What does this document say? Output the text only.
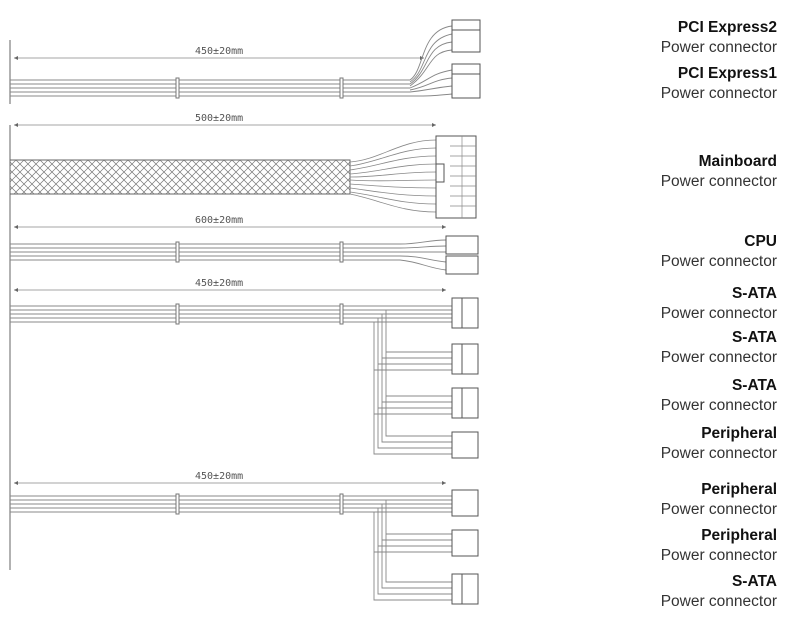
450±20mm
500±20mm
600±20mm
450±20mm
450±20mm
PCI Express2
Power connector
PCI Express1
Power connector
Mainboard
Power connector
CPU
Power connector
S-ATA
Power connector
S-ATA
Power connector
S-ATA
Power connector
Peripheral
Power connector
Peripheral
Power connector
Peripheral
Power connector
S-ATA
Power connector
